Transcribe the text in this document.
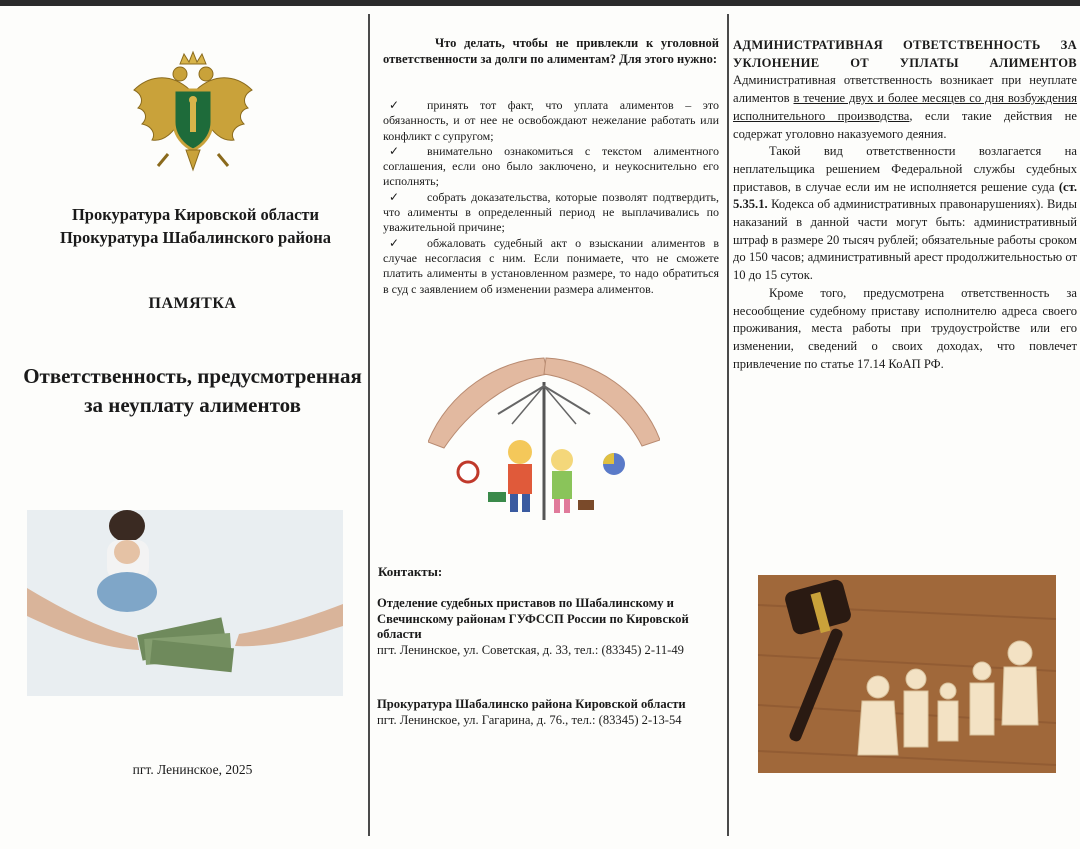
Прокуратура Кировской области
Прокуратура Шабалинского района
ПАМЯТКА
Ответственность, предусмотренная за неуплату алиментов
пгт. Ленинское, 2025
Что делать, чтобы не привлекли к уголовной ответственности за долги по алиментам? Для этого нужно:

✓ принять тот факт, что уплата алиментов – это обязанность, и от нее не освобождают нежелание работать или конфликт с супругом;

✓ внимательно ознакомиться с текстом алиментного соглашения, если оно было заключено, и неукоснительно его исполнять;

✓ собрать доказательства, которые позволят подтвердить, что алименты в определенный период не выплачивались по уважительной причине;

✓ обжаловать судебный акт о взыскании алиментов в случае несогласия с ним. Если понимаете, что не сможете платить алименты в установленном размере, то надо обратиться в суд с заявлением об изменении размера алиментов.

Контакты:
Отделение судебных приставов по Шабалинскому и Свечинскому районам ГУФССП России по Кировской области
пгт. Ленинское, ул. Советская, д. 33, тел.: (83345) 2-11-49
Прокуратура Шабалинско района Кировской области
пгт. Ленинское, ул. Гагарина, д. 76., тел.: (83345) 2-13-54

АДМИНИСТРАТИВНАЯ ОТВЕТСТВЕННОСТЬ ЗА УКЛОНЕНИЕ ОТ УПЛАТЫ АЛИМЕНТОВ Административная ответственность возникает при неуплате алиментов в течение двух и более месяцев со дня возбуждения исполнительного производства, если такие действия не содержат уголовно наказуемого деяния.

Такой вид ответственности возлагается на неплательщика решением Федеральной службы судебных приставов, в случае если им не исполняется решение суда (ст. 5.35.1. Кодекса об административных правонарушениях). Виды наказаний в данной части могут быть: административный штраф в размере 20 тысяч рублей; обязательные работы сроком до 150 часов; административный арест продолжительностью от 10 до 15 суток.

Кроме того, предусмотрена ответственность за несообщение судебному приставу исполнителю адреса своего проживания, места работы при трудоустройстве или его изменении, сведений о своих доходах, что повлечет привлечение по статье 17.14 КоАП РФ.
